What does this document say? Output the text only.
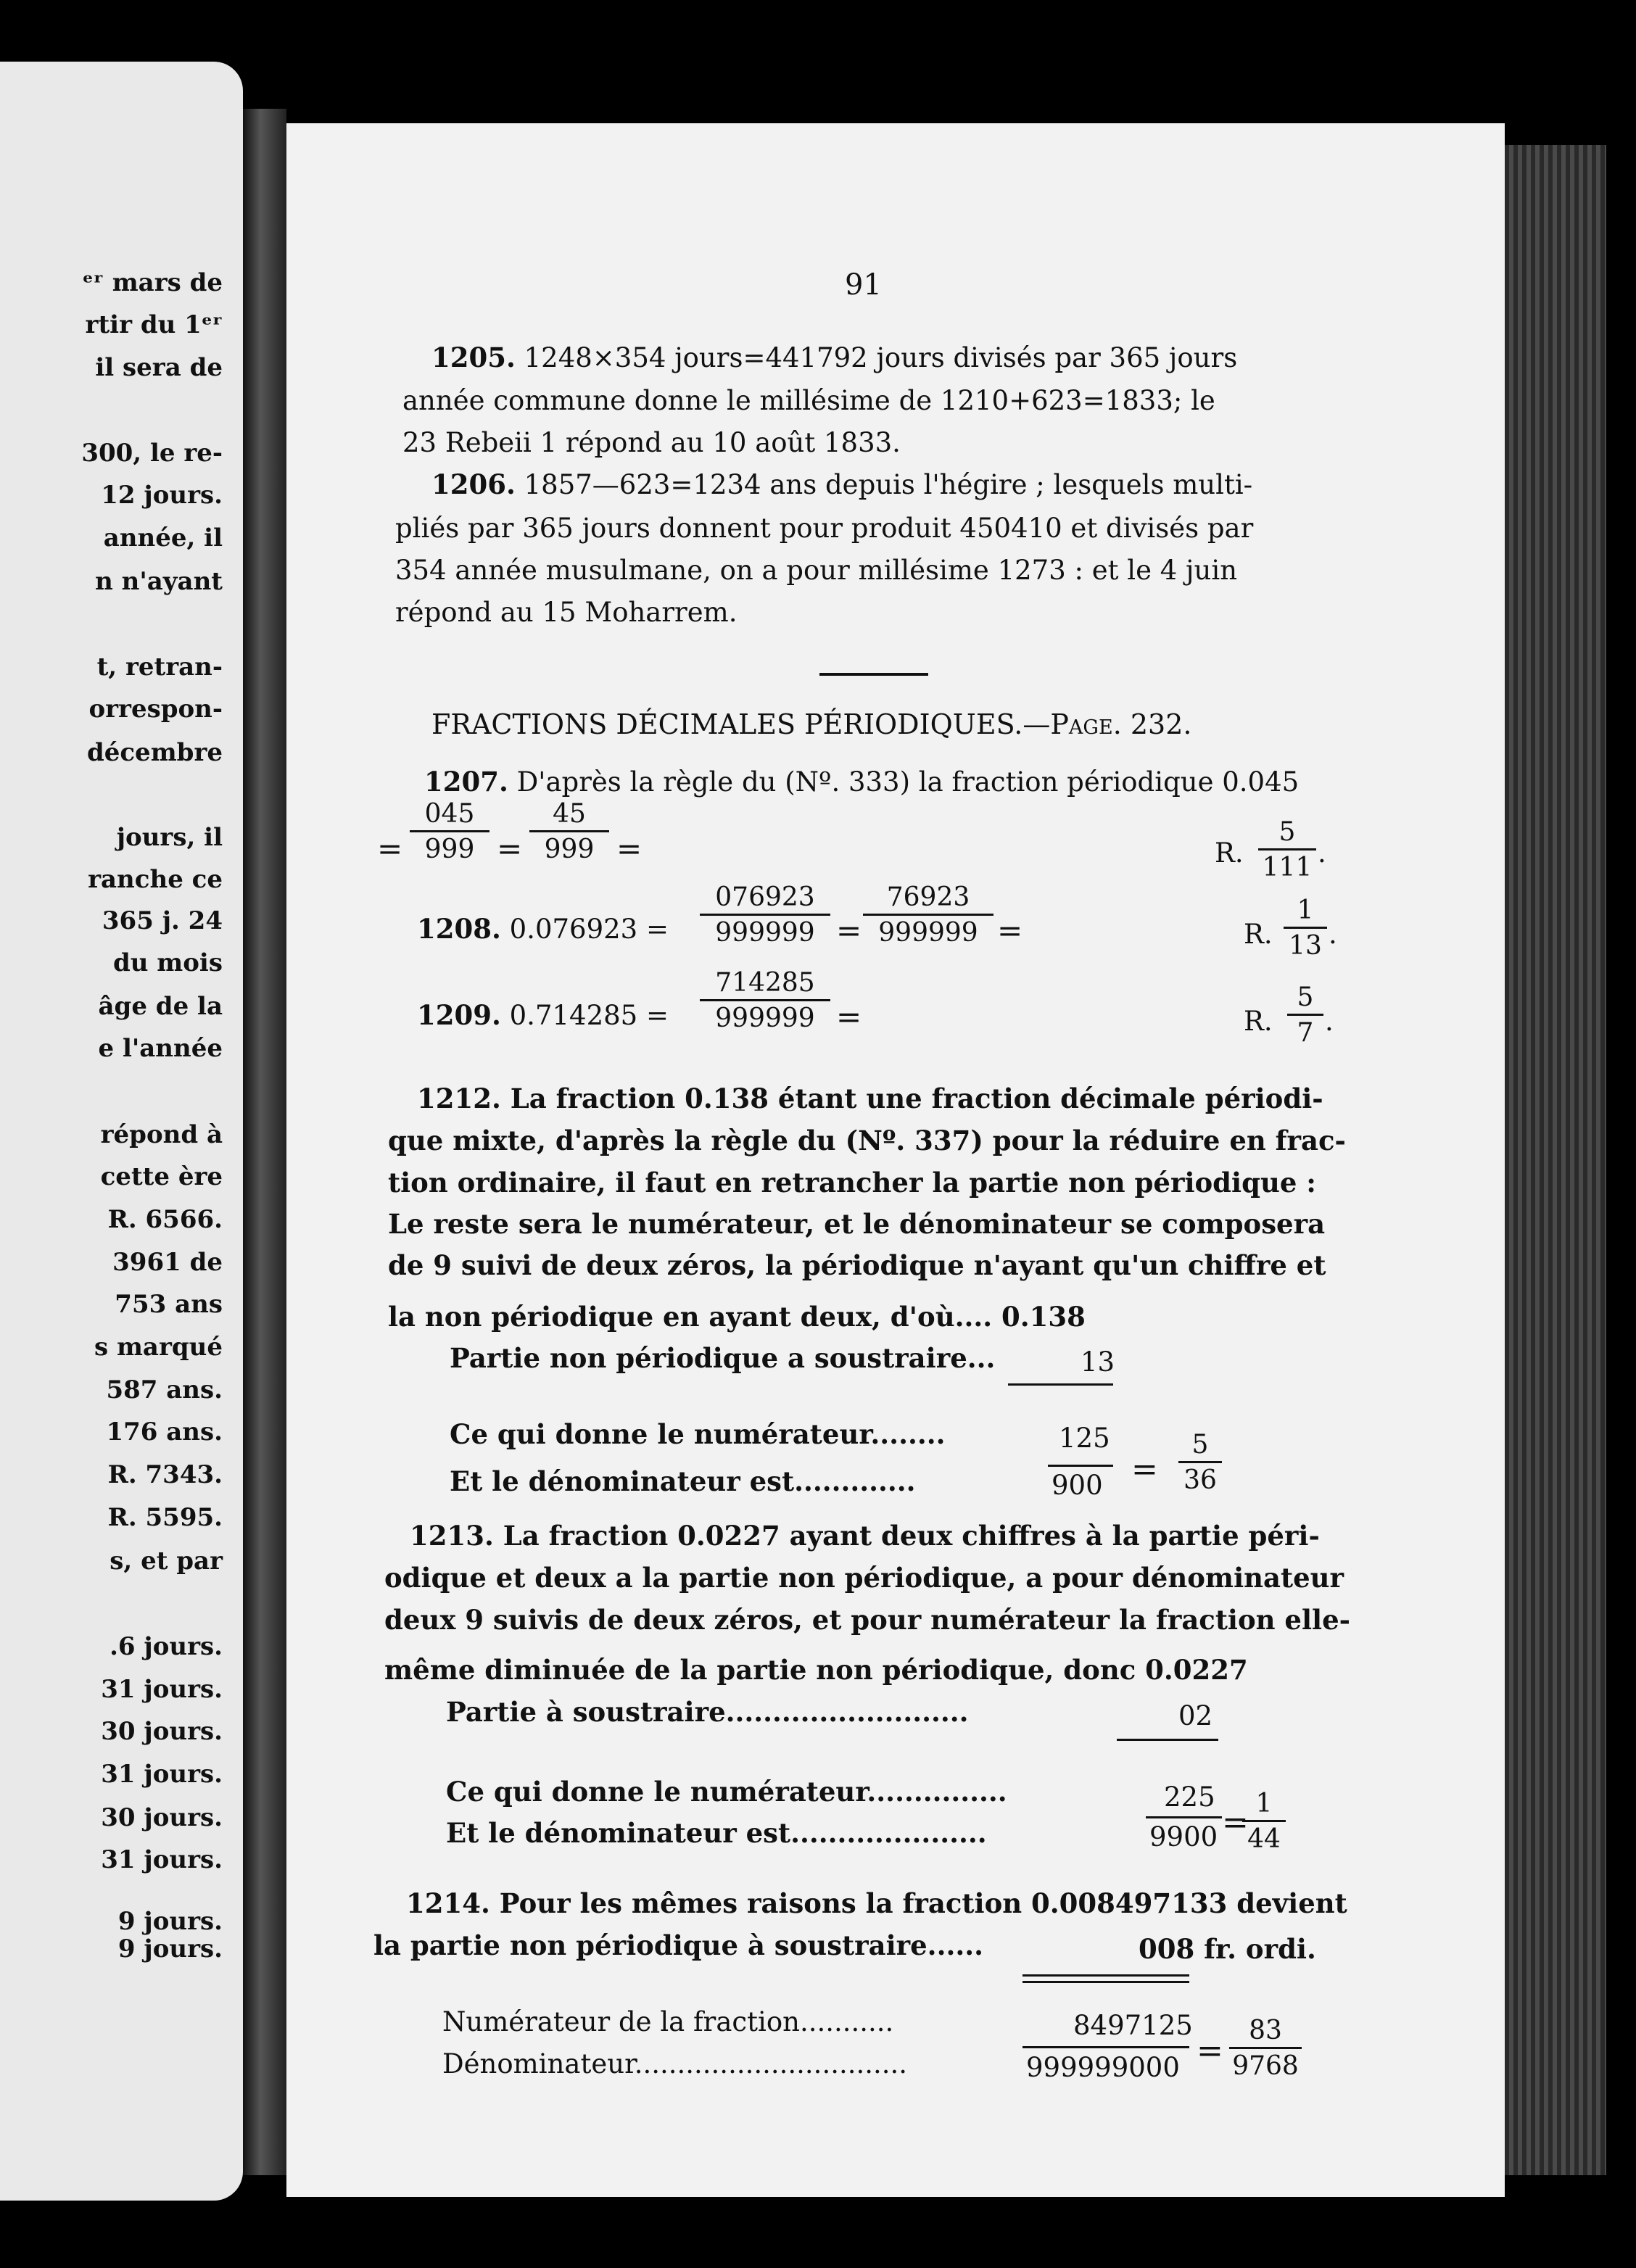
ᵉʳ mars de
rtir du 1ᵉʳ
il sera de
300, le re-
12 jours.
année, il
n n'ayant
t, retran-
orrespon-
décembre
jours, il
ranche ce
365 j. 24
du mois
âge de la
e l'année
répond à
cette ère
R. 6566.
3961 de
753 ans
s marqué
587 ans.
176 ans.
R. 7343.
R. 5595.
s, et par
.6 jours.
31 jours.
30 jours.
31 jours.
30 jours.
31 jours.
9 jours.
9 jours.
91
1205. 1248×354 jours=441792 jours divisés par 365 jours
année commune donne le millésime de 1210+623=1833; le
23 Rebeii 1 répond au 10 août 1833.
1206. 1857—623=1234 ans depuis l'hégire ; lesquels multi-
pliés par 365 jours donnent pour produit 450410 et divisés par
354 année musulmane, on a pour millésime 1273 : et le 4 juin
répond au 15 Moharrem.
FRACTIONS DÉCIMALES PÉRIODIQUES.—Page. 232.
1207. D'après la règle du (Nº. 333) la fraction périodique 0.045
= $\frac{045}{999} = \frac{45}{999}$ =	R. $\frac{5}{111}$ .
1208. $0.076923 = \frac{076923}{999999} = \frac{76923}{999999}$ =	R. $\frac{1}{13}$ .
1209. $0.714285 = \frac{714285}{999999}$ =	R. $\frac{5}{7}$ .
1212. La fraction 0.138 étant une fraction décimale périodi-
que mixte, d'après la règle du (Nº. 337) pour la réduire en frac-
tion ordinaire, il faut en retrancher la partie non périodique :
Le reste sera le numérateur, et le dénominateur se composera
de 9 suivi de deux zéros, la périodique n'ayant qu'un chiffre et
la non périodique en ayant deux, d'où.... 0.138
Partie non périodique a soustraire...	13
Ce qui donne le numérateur........	125
Et le dénominateur est.............	$900 = \frac{5}{36}$
1213. La fraction 0.0227 ayant deux chiffres à la partie péri-
odique et deux a la partie non périodique, a pour dénominateur
deux 9 suivis de deux zéros, et pour numérateur la fraction elle-
même diminuée de la partie non périodique, donc 0.0227
Partie à soustraire..........................	02
Ce qui donne le numérateur...............	225
Et le dénominateur est.....................	9900 =
$\frac{1}{44}$
1214. Pour les mêmes raisons la fraction 0.008497133 devient
la partie non périodique à soustraire......	008 fr. ordi.
Numérateur de la fraction...........	8497125
Dénominateur................................	$999999000 = \frac{83}{9768}$
